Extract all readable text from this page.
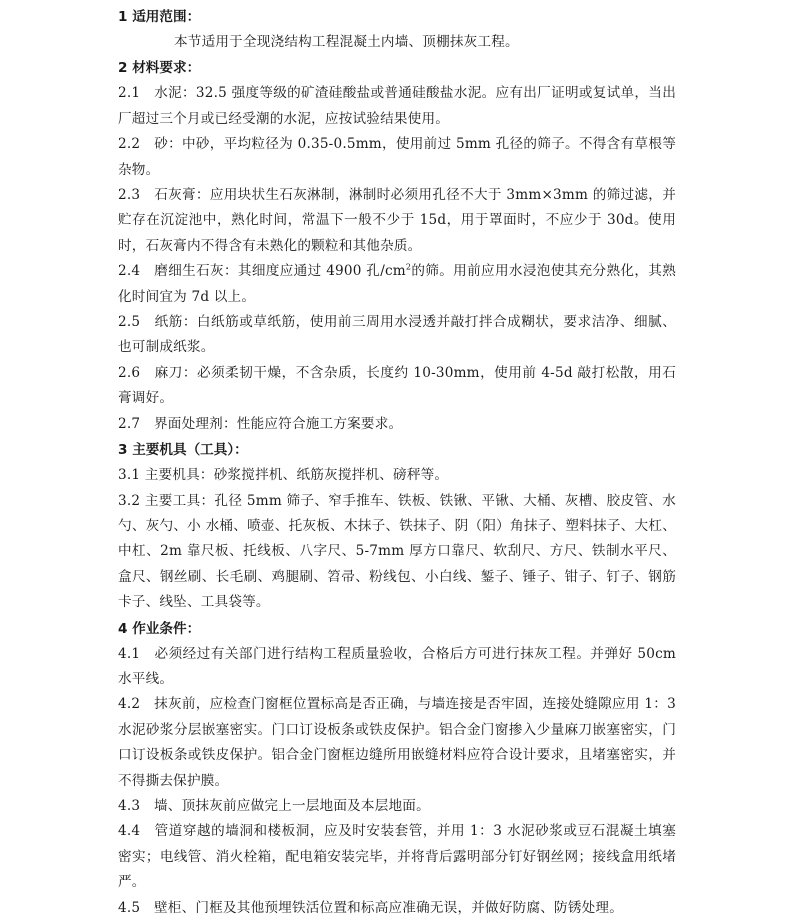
1 适用范围：

本节适用于全现浇结构工程混凝土内墙、顶棚抹灰工程。

2 材料要求：

2.1　水泥：32.5 强度等级的矿渣硅酸盐或普通硅酸盐水泥。应有出厂证明或复试单，当出厂超过三个月或已经受潮的水泥，应按试验结果使用。

2.2　砂：中砂，平均粒径为 0.35-0.5mm，使用前过 5mm 孔径的筛子。不得含有草根等杂物。

2.3　石灰膏：应用块状生石灰淋制，淋制时必须用孔径不大于 3mm×3mm 的筛过滤，并贮存在沉淀池中，熟化时间，常温下一般不少于 15d，用于罩面时，不应少于 30d。使用时，石灰膏内不得含有未熟化的颗粒和其他杂质。

2.4　磨细生石灰：其细度应通过 4900 孔$/cm^2$的筛。用前应用水浸泡使其充分熟化，其熟化时间宜为 7d 以上。

2.5　纸筋：白纸筋或草纸筋，使用前三周用水浸透并敲打拌合成糊状，要求洁净、细腻、也可制成纸浆。

2.6　麻刀：必须柔韧干燥，不含杂质，长度约 10-30mm，使用前 4-5d 敲打松散，用石膏调好。

2.7　界面处理剂：性能应符合施工方案要求。

3 主要机具（工具）：

3.1 主要机具：砂浆搅拌机、纸筋灰搅拌机、磅秤等。

3.2 主要工具：孔径 5mm 筛子、窄手推车、铁板、铁锹、平锹、大桶、灰槽、胶皮管、水勺、灰勺、小 水桶、喷壶、托灰板、木抹子、铁抹子、阴（阳）角抹子、塑料抹子、大杠、中杠、2m 靠尺板、托线板、八字尺、5-7mm 厚方口靠尺、软刮尺、方尺、铁制水平尺、盒尺、钢丝刷、长毛刷、鸡腿刷、笤帚、粉线包、小白线、錾子、锤子、钳子、钉子、钢筋卡子、线坠、工具袋等。

4 作业条件：

4.1　必须经过有关部门进行结构工程质量验收，合格后方可进行抹灰工程。并弹好 50cm 水平线。

4.2　抹灰前，应检查门窗框位置标高是否正确，与墙连接是否牢固，连接处缝隙应用 1：3 水泥砂浆分层嵌塞密实。门口订设板条或铁皮保护。铝合金门窗掺入少量麻刀嵌塞密实，门口订设板条或铁皮保护。铝合金门窗框边缝所用嵌缝材料应符合设计要求，且堵塞密实，并不得撕去保护膜。

4.3　墙、顶抹灰前应做完上一层地面及本层地面。

4.4　管道穿越的墙洞和楼板洞，应及时安装套管，并用 1：3 水泥砂浆或豆石混凝土填塞密实；电线管、消火栓箱，配电箱安装完毕，并将背后露明部分钉好钢丝网；接线盒用纸堵严。

4.5　壁柜、门框及其他预埋铁活位置和标高应准确无误，并做好防腐、防锈处理。
